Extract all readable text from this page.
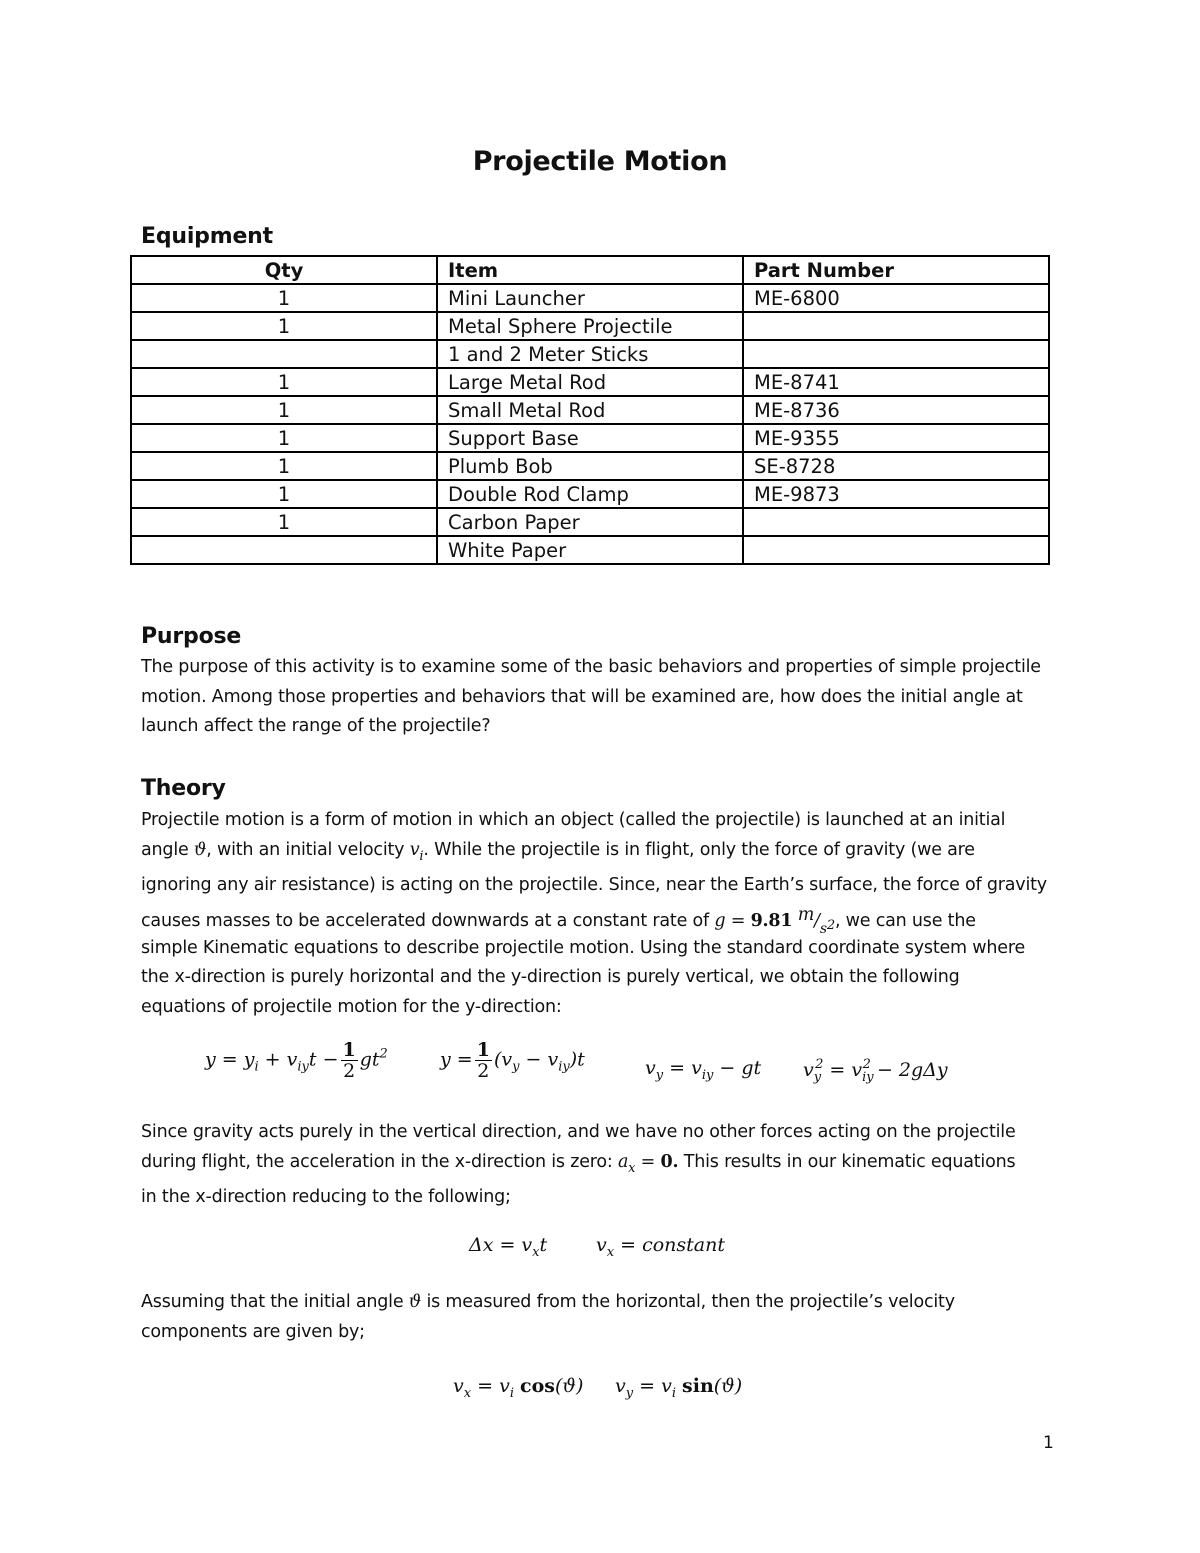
Projectile Motion
Equipment
Qty	Item	Part Number
1	Mini Launcher	ME-6800
1	Metal Sphere Projectile	
	1 and 2 Meter Sticks	
1	Large Metal Rod	ME-8741
1	Small Metal Rod	ME-8736
1	Support Base	ME-9355
1	Plumb Bob	SE-8728
1	Double Rod Clamp	ME-9873
1	Carbon Paper	
	White Paper	
Purpose
The purpose of this activity is to examine some of the basic behaviors and properties of simple projectile
motion. Among those properties and behaviors that will be examined are, how does the initial angle at
launch affect the range of the projectile?
Theory
Projectile motion is a form of motion in which an object (called the projectile) is launched at an initial
angle ϑ, with an initial velocity $v_i$. While the projectile is in flight, only the force of gravity (we are
ignoring any air resistance) is acting on the projectile. Since, near the Earth’s surface, the force of gravity
causes masses to be accelerated downwards at a constant rate of g = 9.81 $m/_{s2}$, we can use the
simple Kinematic equations to describe projectile motion. Using the standard coordinate system where
the x-direction is purely horizontal and the y-direction is purely vertical, we obtain the following
equations of projectile motion for the y-direction:
$y = y_i + v_{iy}t - \frac{1}{2} gt^2$	$y = \frac{1}{2} (v_y - v_{iy})t$	$v_y = v_{iy}$ − gt $v_y^2 = v_{iy}^2 - 2g\Delta y$
Since gravity acts purely in the vertical direction, and we have no other forces acting on the projectile
during flight, the acceleration in the x-direction is zero: $a_x = 0$. This results in our kinematic equations
in the x-direction reducing to the following;
$\Delta x = v_xt$	$v_x$ = constant
Assuming that the initial angle ϑ is measured from the horizontal, then the projectile’s velocity
components are given by;
$v_x = v_i$ cos(ϑ) $v_y = v_i$ sin(ϑ)
1
